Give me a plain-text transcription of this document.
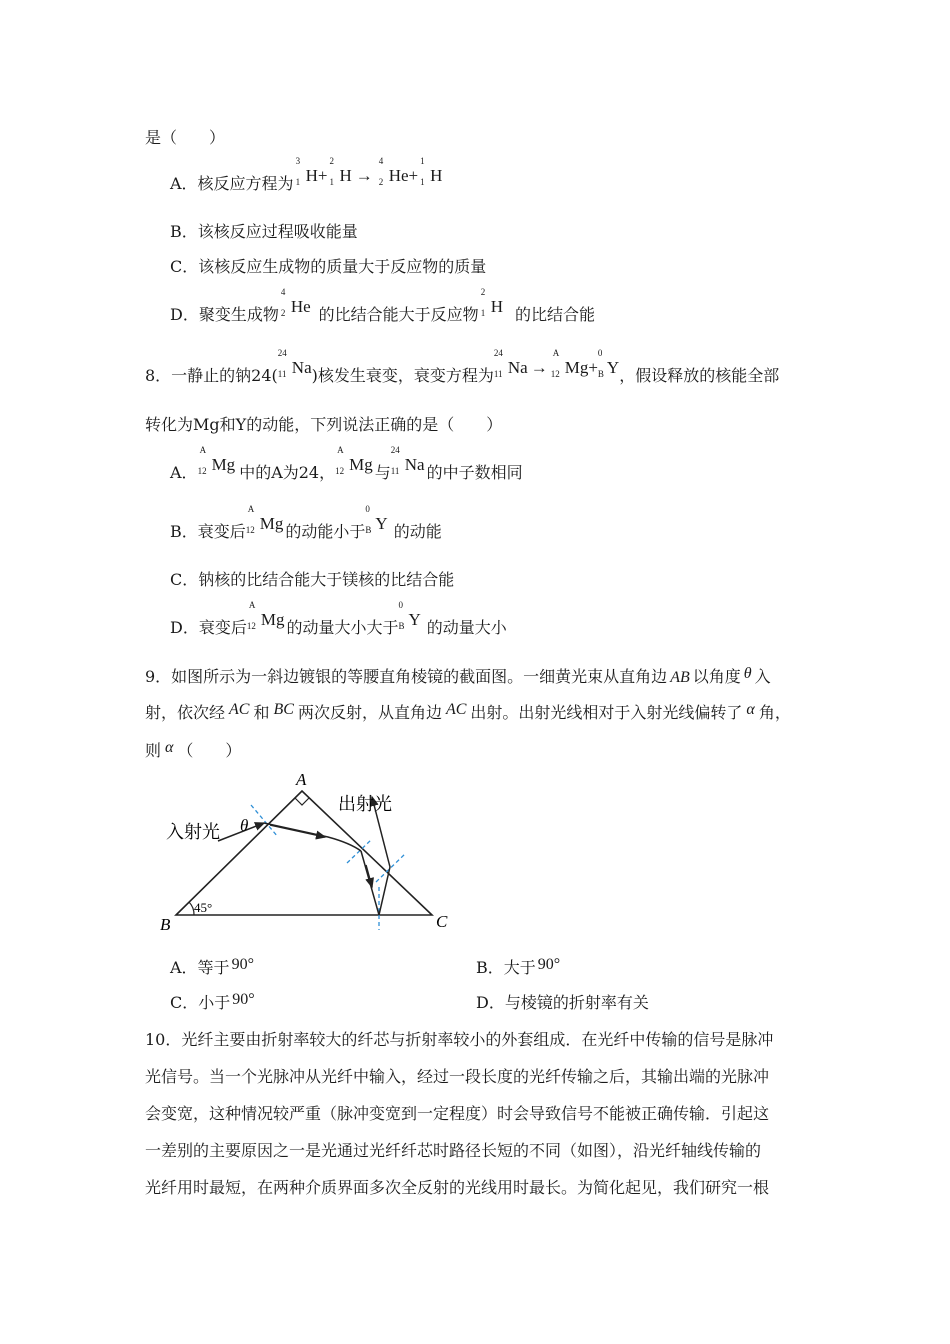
是（　　）
A．核反应方程为 H
3
1 + H
2
1 → He
4
2 + H
1
1
B．该核反应过程吸收能量
C．该核反应生成物的质量大于反应物的质量
D．聚变生成物 He
4
2 的比结合能大于反应物 H
2
1 的比结合能
8．一静止的钠24( Na
24
11 )核发生衰变，衰变方程为 Na
24
11 → Mg
A
12 + Y
0
B ，假设释放的核能全部
转化为Mg和Y的动能，下列说法正确的是（　　）
A． Mg
A
12 中的A为24， Mg
A
12 与 Na
24
11 的中子数相同
B．衰变后 Mg
A
12 的动能小于 Y
0
B 的动能
C．钠核的比结合能大于镁核的比结合能
D．衰变后 Mg
A
12 的动量大小大于 Y
0
B 的动量大小
9．如图所示为一斜边镀银的等腰直角棱镜的截面图。一细黄光束从直角边 AB 以角度 θ 入
射，依次经 AC 和 BC 两次反射，从直角边 AC 出射。出射光线相对于入射光线偏转了 α 角，
则 α （　　）
A
B	C
45°
入射光
出射光
θ
A．等于 90°	B．大于 90°
C．小于 90°	D．与棱镜的折射率有关
10．光纤主要由折射率较大的纤芯与折射率较小的外套组成．在光纤中传输的信号是脉冲
光信号。当一个光脉冲从光纤中输入，经过一段长度的光纤传输之后，其输出端的光脉冲
会变宽，这种情况较严重（脉冲变宽到一定程度）时会导致信号不能被正确传输．引起这
一差别的主要原因之一是光通过光纤纤芯时路径长短的不同（如图），沿光纤轴线传输的
光纤用时最短，在两种介质界面多次全反射的光线用时最长。为简化起见，我们研究一根
